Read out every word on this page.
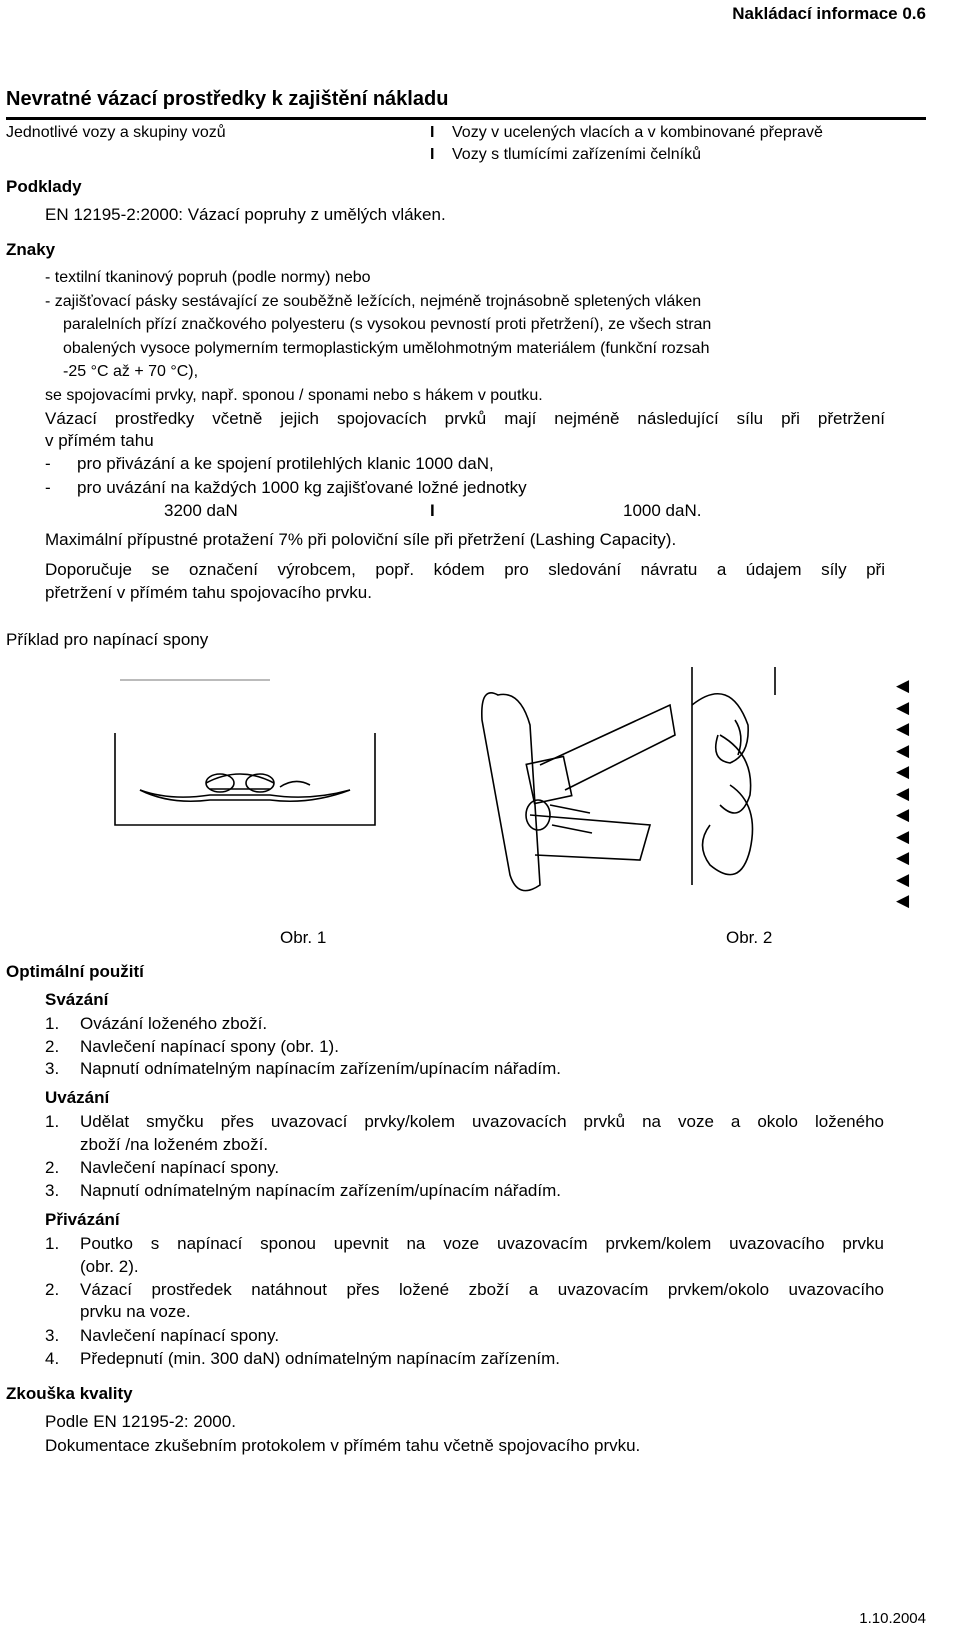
Nakládací informace 0.6
Nevratné vázací prostředky k zajištění nákladu
Jednotlivé vozy a skupiny vozů	I Vozy v ucelených vlacích a v kombinované přepravě
I Vozy s tlumícími zařízeními čelníků
Podklady
EN 12195-2:2000: Vázací popruhy z umělých vláken.
Znaky
- textilní tkaninový popruh (podle normy) nebo
- zajišťovací pásky sestávající ze souběžně ležících, nejméně trojnásobně spletených vláken
paralelních přízí značkového polyesteru (s vysokou pevností proti přetržení), ze všech stran
obalených vysoce polymerním termoplastickým umělohmotným materiálem (funkční rozsah
-25 °C až + 70 °C),
se spojovacími prvky, např. sponou / sponami nebo s hákem v poutku.
Vázací prostředky včetně jejich spojovacích prvků mají nejméně následující sílu při přetržení
v přímém tahu
- pro přivázání a ke spojení protilehlých klanic 1000 daN,
- pro uvázání na každých 1000 kg zajišťované ložné jednotky
3200 daN	I	1000 daN.
Maximální přípustné protažení 7% při poloviční síle při přetržení (Lashing Capacity).
Doporučuje se označení výrobcem, popř. kódem pro sledování návratu a údajem síly při
přetržení v přímém tahu spojovacího prvku.
Příklad pro napínací spony
◀
◀
◀
◀
◀
◀
◀
◀
◀
◀
◀
Obr. 1	Obr. 2
Optimální použití
Svázání
1. Ovázání loženého zboží.
2. Navlečení napínací spony (obr. 1).
3. Napnutí odnímatelným napínacím zařízením/upínacím nářadím.
Uvázání
1. Udělat smyčku přes uvazovací prvky/kolem uvazovacích prvků na voze a okolo loženého
zboží /na loženém zboží.
2. Navlečení napínací spony.
3. Napnutí odnímatelným napínacím zařízením/upínacím nářadím.
Přivázání
1. Poutko s napínací sponou upevnit na voze uvazovacím prvkem/kolem uvazovacího prvku
(obr. 2).
2. Vázací prostředek natáhnout přes ložené zboží a uvazovacím prvkem/okolo uvazovacího
prvku na voze.
3. Navlečení napínací spony.
4. Předepnutí (min. 300 daN) odnímatelným napínacím zařízením.
Zkouška kvality
Podle EN 12195-2: 2000.
Dokumentace zkušebním protokolem v přímém tahu včetně spojovacího prvku.
1.10.2004
